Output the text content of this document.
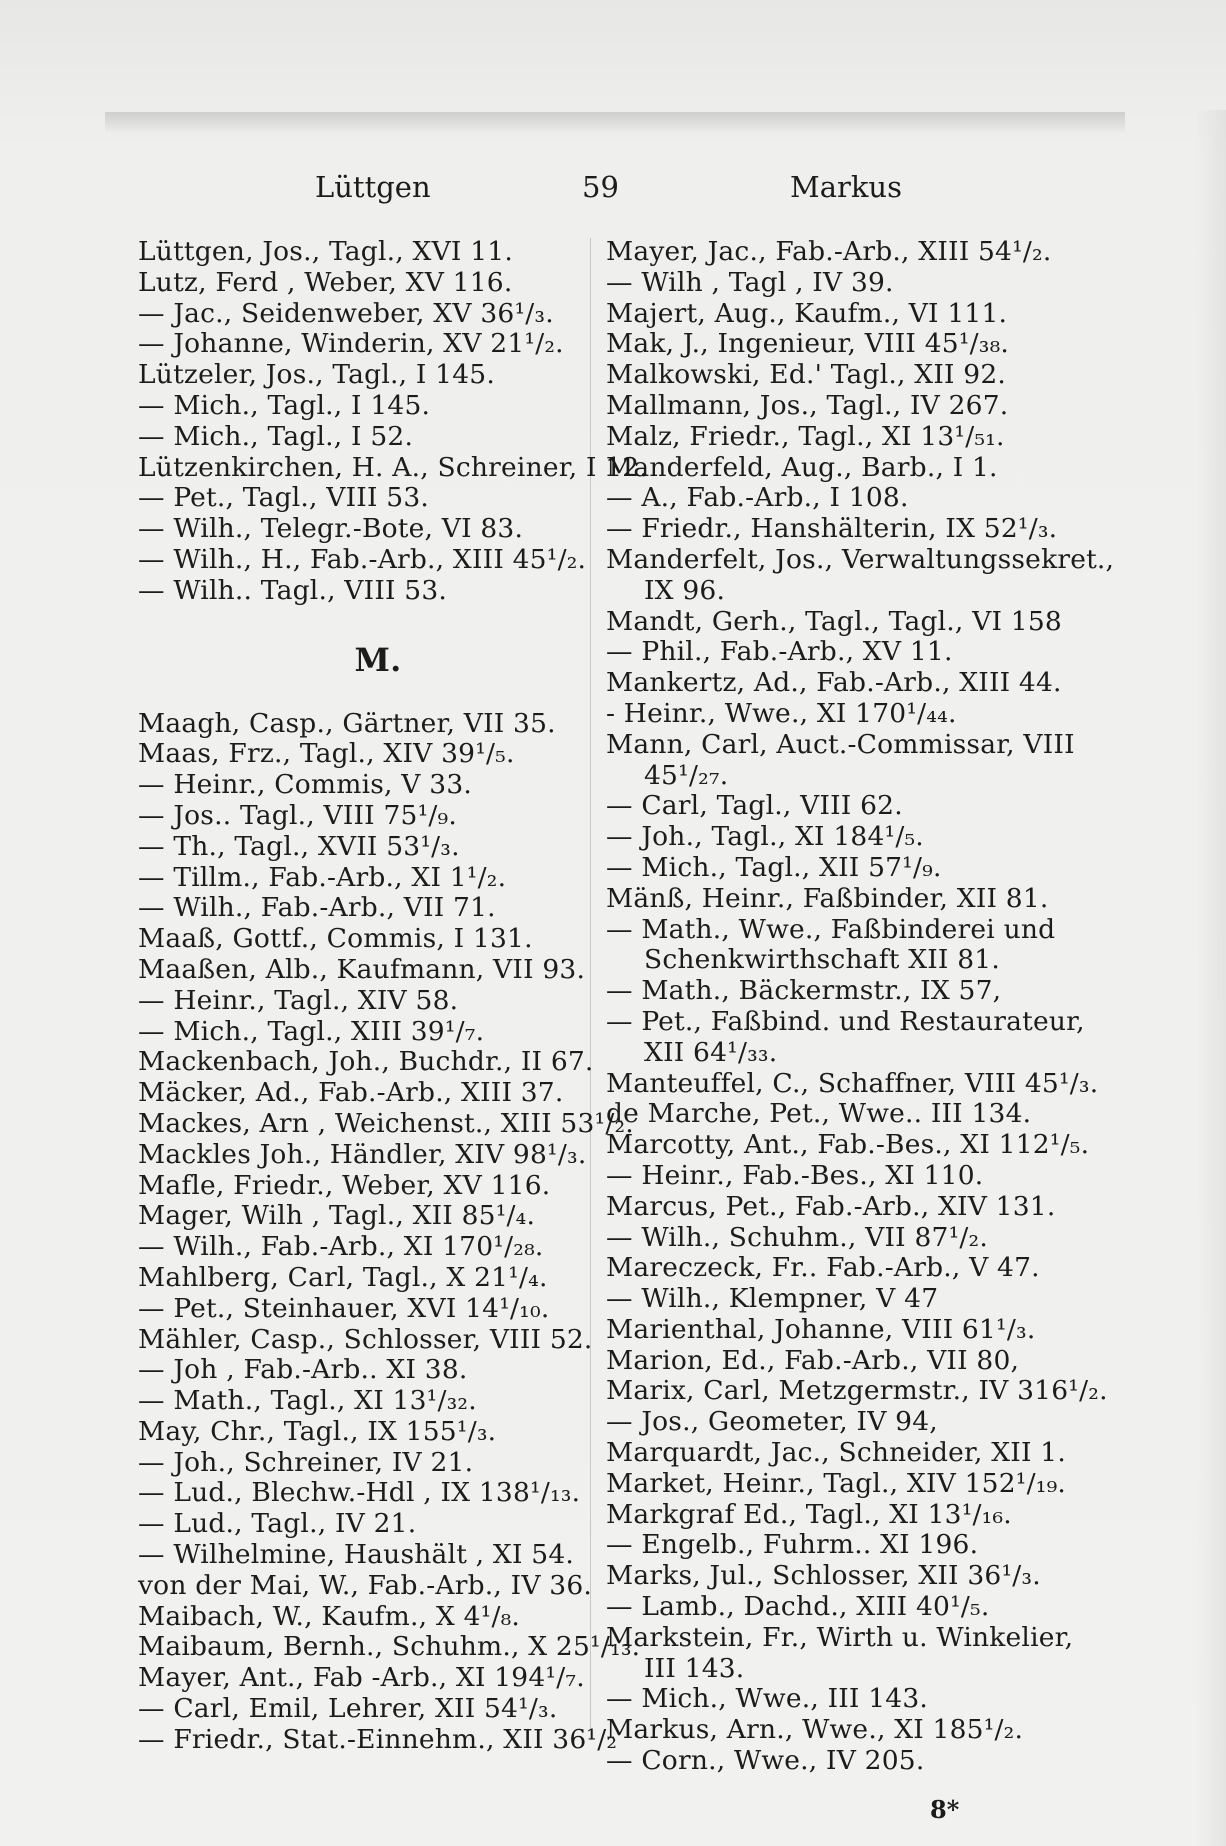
Lüttgen	59	Markus
Lüttgen, Jos., Tagl., XVI 11.
Lutz, Ferd , Weber, XV 116.
— Jac., Seidenweber, XV 36¹/₃.
— Johanne, Winderin, XV 21¹/₂.
Lützeler, Jos., Tagl., I 145.
— Mich., Tagl., I 145.
— Mich., Tagl., I 52.
Lützenkirchen, H. A., Schreiner, I 12.
— Pet., Tagl., VIII 53.
— Wilh., Telegr.-Bote, VI 83.
— Wilh., H., Fab.-Arb., XIII 45¹/₂.
— Wilh.. Tagl., VIII 53.
M.
Maagh, Casp., Gärtner, VII 35.
Maas, Frz., Tagl., XIV 39¹/₅.
— Heinr., Commis, V 33.
— Jos.. Tagl., VIII 75¹/₉.
— Th., Tagl., XVII 53¹/₃.
— Tillm., Fab.-Arb., XI 1¹/₂.
— Wilh., Fab.-Arb., VII 71.
Maaß, Gottf., Commis, I 131.
Maaßen, Alb., Kaufmann, VII 93.
— Heinr., Tagl., XIV 58.
— Mich., Tagl., XIII 39¹/₇.
Mackenbach, Joh., Buchdr., II 67.
Mäcker, Ad., Fab.-Arb., XIII 37.
Mackes, Arn , Weichenst., XIII 53¹/₂.
Mackles Joh., Händler, XIV 98¹/₃.
Mafle, Friedr., Weber, XV 116.
Mager, Wilh , Tagl., XII 85¹/₄.
— Wilh., Fab.-Arb., XI 170¹/₂₈.
Mahlberg, Carl, Tagl., X 21¹/₄.
— Pet., Steinhauer, XVI 14¹/₁₀.
Mähler, Casp., Schlosser, VIII 52.
— Joh , Fab.-Arb.. XI 38.
— Math., Tagl., XI 13¹/₃₂.
May, Chr., Tagl., IX 155¹/₃.
— Joh., Schreiner, IV 21.
— Lud., Blechw.-Hdl , IX 138¹/₁₃.
— Lud., Tagl., IV 21.
— Wilhelmine, Haushält , XI 54.
von der Mai, W., Fab.-Arb., IV 36.
Maibach, W., Kaufm., X 4¹/₈.
Maibaum, Bernh., Schuhm., X 25¹/₁₃.
Mayer, Ant., Fab -Arb., XI 194¹/₇.
— Carl, Emil, Lehrer, XII 54¹/₃.
— Friedr., Stat.-Einnehm., XII 36¹/₂
Mayer, Jac., Fab.-Arb., XIII 54¹/₂.
— Wilh , Tagl , IV 39.
Majert, Aug., Kaufm., VI 111.
Mak, J., Ingenieur, VIII 45¹/₃₈.
Malkowski, Ed.' Tagl., XII 92.
Mallmann, Jos., Tagl., IV 267.
Malz, Friedr., Tagl., XI 13¹/₅₁.
Manderfeld, Aug., Barb., I 1.
— A., Fab.-Arb., I 108.
— Friedr., Hanshälterin, IX 52¹/₃.
Manderfelt, Jos., Verwaltungssekret.,
IX 96.
Mandt, Gerh., Tagl., Tagl., VI 158
— Phil., Fab.-Arb., XV 11.
Mankertz, Ad., Fab.-Arb., XIII 44.
- Heinr., Wwe., XI 170¹/₄₄.
Mann, Carl, Auct.-Commissar, VIII
45¹/₂₇.
— Carl, Tagl., VIII 62.
— Joh., Tagl., XI 184¹/₅.
— Mich., Tagl., XII 57¹/₉.
Mänß, Heinr., Faßbinder, XII 81.
— Math., Wwe., Faßbinderei und
Schenkwirthschaft XII 81.
— Math., Bäckermstr., IX 57,
— Pet., Faßbind. und Restaurateur,
XII 64¹/₃₃.
Manteuffel, C., Schaffner, VIII 45¹/₃.
de Marche, Pet., Wwe.. III 134.
Marcotty, Ant., Fab.-Bes., XI 112¹/₅.
— Heinr., Fab.-Bes., XI 110.
Marcus, Pet., Fab.-Arb., XIV 131.
— Wilh., Schuhm., VII 87¹/₂.
Mareczeck, Fr.. Fab.-Arb., V 47.
— Wilh., Klempner, V 47
Marienthal, Johanne, VIII 61¹/₃.
Marion, Ed., Fab.-Arb., VII 80,
Marix, Carl, Metzgermstr., IV 316¹/₂.
— Jos., Geometer, IV 94,
Marquardt, Jac., Schneider, XII 1.
Market, Heinr., Tagl., XIV 152¹/₁₉.
Markgraf Ed., Tagl., XI 13¹/₁₆.
— Engelb., Fuhrm.. XI 196.
Marks, Jul., Schlosser, XII 36¹/₃.
— Lamb., Dachd., XIII 40¹/₅.
Markstein, Fr., Wirth u. Winkelier,
III 143.
— Mich., Wwe., III 143.
Markus, Arn., Wwe., XI 185¹/₂.
— Corn., Wwe., IV 205.
8*
